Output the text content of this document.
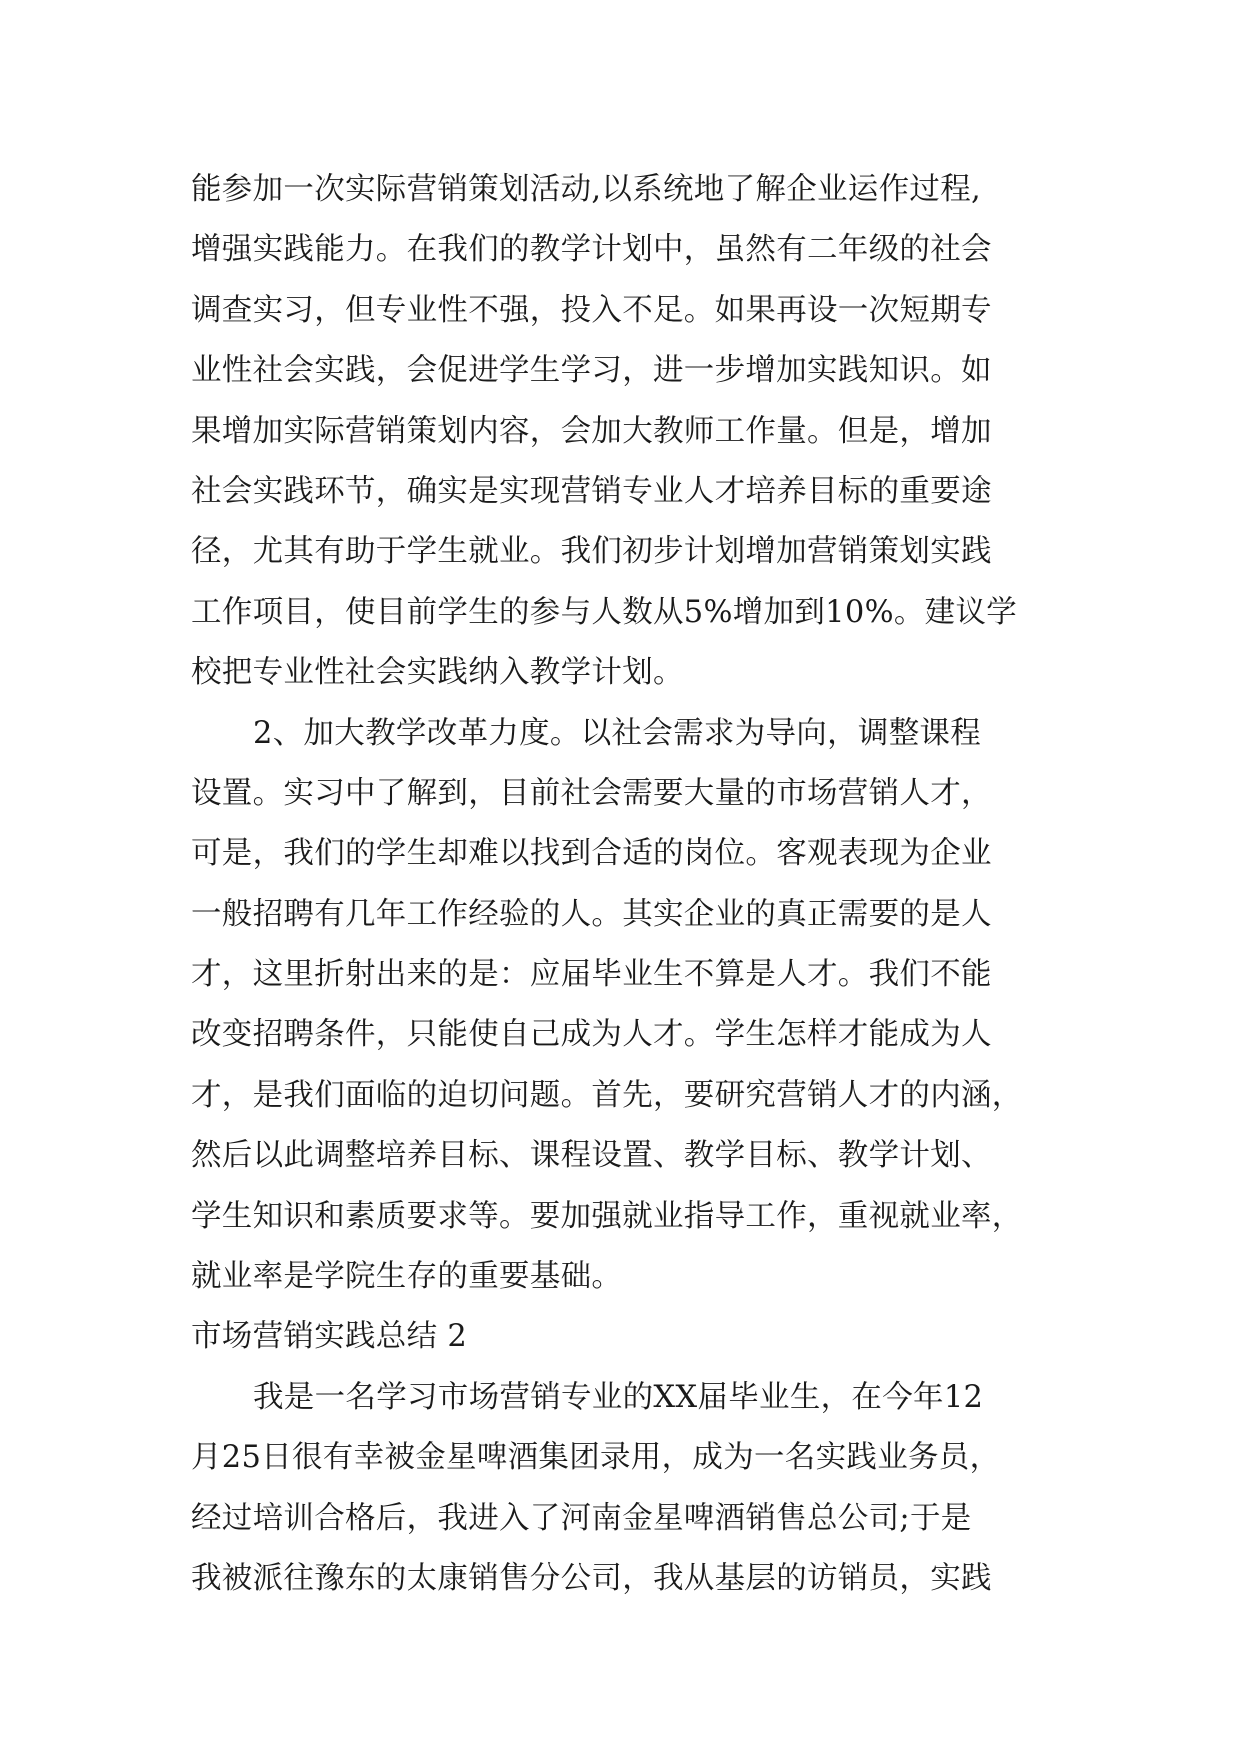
能参加一次实际营销策划活动,以系统地了解企业运作过程,
增强实践能力。在我们的教学计划中，虽然有二年级的社会
调查实习，但专业性不强，投入不足。如果再设一次短期专
业性社会实践，会促进学生学习，进一步增加实践知识。如
果增加实际营销策划内容，会加大教师工作量。但是，增加
社会实践环节，确实是实现营销专业人才培养目标的重要途
径，尤其有助于学生就业。我们初步计划增加营销策划实践
工作项目，使目前学生的参与人数从5%增加到10%。建议学
校把专业性社会实践纳入教学计划。
2、加大教学改革力度。以社会需求为导向，调整课程
设置。实习中了解到，目前社会需要大量的市场营销人才，
可是，我们的学生却难以找到合适的岗位。客观表现为企业
一般招聘有几年工作经验的人。其实企业的真正需要的是人
才，这里折射出来的是：应届毕业生不算是人才。我们不能
改变招聘条件，只能使自己成为人才。学生怎样才能成为人
才，是我们面临的迫切问题。首先，要研究营销人才的内涵，
然后以此调整培养目标、课程设置、教学目标、教学计划、
学生知识和素质要求等。要加强就业指导工作，重视就业率，
就业率是学院生存的重要基础。
市场营销实践总结 2
我是一名学习市场营销专业的XX届毕业生，在今年12
月25日很有幸被金星啤酒集团录用，成为一名实践业务员，
经过培训合格后，我进入了河南金星啤酒销售总公司;于是
我被派往豫东的太康销售分公司，我从基层的访销员，实践
